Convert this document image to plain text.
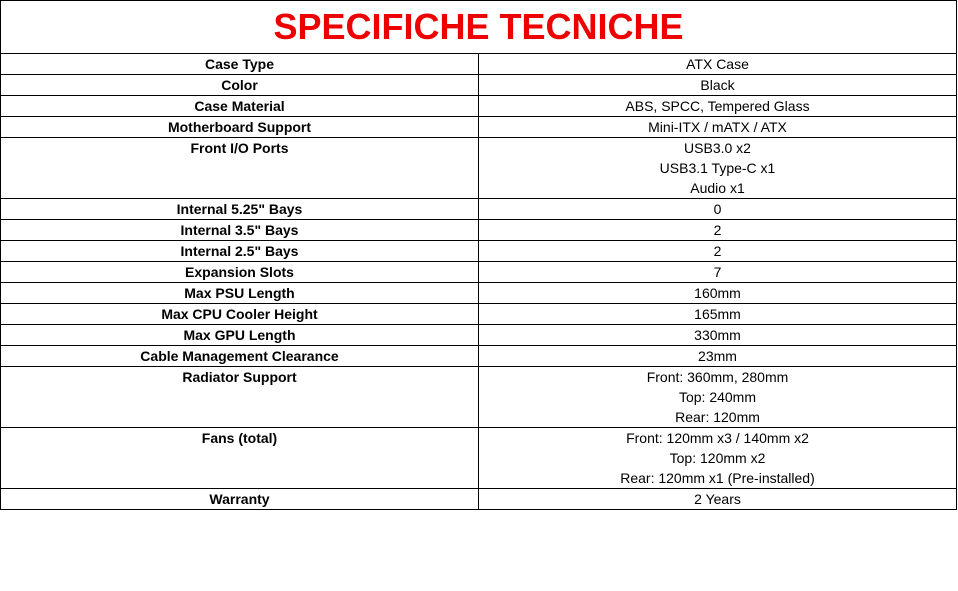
SPECIFICHE TECNICHE	
Case Type	ATX Case

Color	Black

Case Material	ABS, SPCC, Tempered Glass

Motherboard Support	Mini-ITX / mATX / ATX

Front I/O Ports	USB3.0 x2
USB3.1 Type-C x1
Audio x1

Internal 5.25" Bays	0

Internal 3.5" Bays	2

Internal 2.5" Bays	2

Expansion Slots	7

Max PSU Length	160mm

Max CPU Cooler Height	165mm

Max GPU Length	330mm

Cable Management Clearance	23mm

Radiator Support	Front: 360mm, 280mm
Top: 240mm
Rear: 120mm

Fans (total)	Front: 120mm x3 / 140mm x2
Top: 120mm x2
Rear: 120mm x1 (Pre-installed)

Warranty	2 Years
